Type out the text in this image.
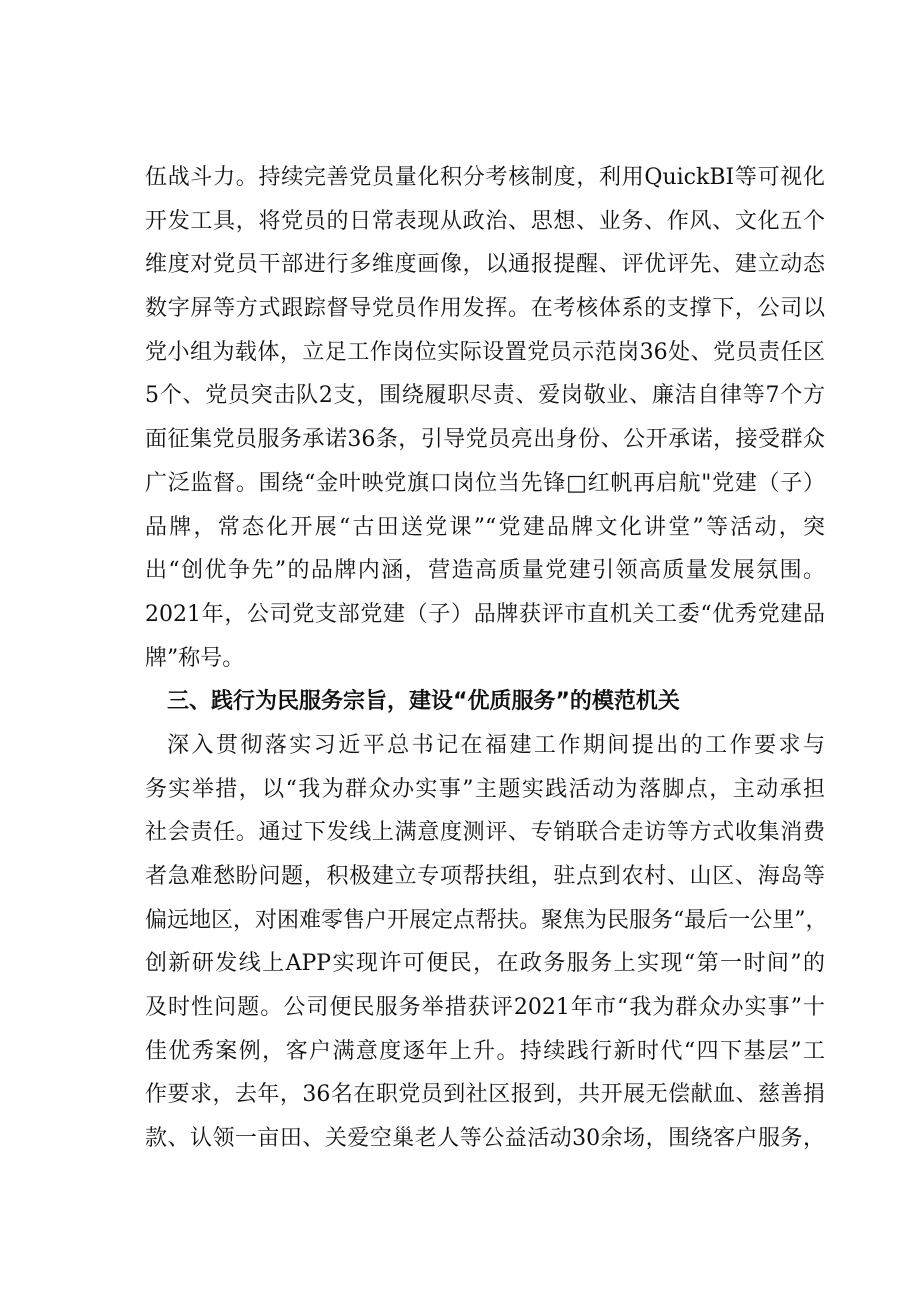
伍战斗力。持续完善党员量化积分考核制度，利用QuickBI等可视化
开发工具，将党员的日常表现从政治、思想、业务、作风、文化五个
维度对党员干部进行多维度画像，以通报提醒、评优评先、建立动态
数字屏等方式跟踪督导党员作用发挥。在考核体系的支撑下，公司以
党小组为载体，立足工作岗位实际设置党员示范岗36处、党员责任区
5个、党员突击队2支，围绕履职尽责、爱岗敬业、廉洁自律等7个方
面征集党员服务承诺36条，引导党员亮出身份、公开承诺，接受群众
广泛监督。围绕“金叶映党旗口岗位当先锋□红帆再启航"党建（子）
品牌，常态化开展“古田送党课”“党建品牌文化讲堂”等活动，突
出“创优争先”的品牌内涵，营造高质量党建引领高质量发展氛围。
2021年，公司党支部党建（子）品牌获评市直机关工委“优秀党建品
牌”称号。
三、践行为民服务宗旨，建设“优质服务”的模范机关
深入贯彻落实习近平总书记在福建工作期间提出的工作要求与
务实举措，以“我为群众办实事”主题实践活动为落脚点，主动承担
社会责任。通过下发线上满意度测评、专销联合走访等方式收集消费
者急难愁盼问题，积极建立专项帮扶组，驻点到农村、山区、海岛等
偏远地区，对困难零售户开展定点帮扶。聚焦为民服务“最后一公里”，
创新研发线上APP实现许可便民，在政务服务上实现“第一时间”的
及时性问题。公司便民服务举措获评2021年市“我为群众办实事”十
佳优秀案例，客户满意度逐年上升。持续践行新时代“四下基层”工
作要求，去年，36名在职党员到社区报到，共开展无偿献血、慈善捐
款、认领一亩田、关爱空巢老人等公益活动30余场，围绕客户服务，
